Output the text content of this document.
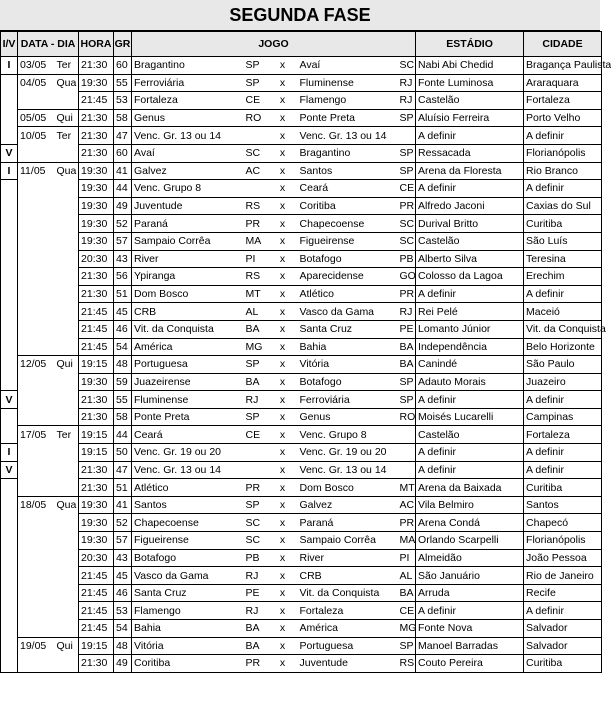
SEGUNDA FASE
I/V	DATA - DIA		HORA	GR	JOGO					ESTÁDIO	CIDADE
I	03/05	Ter	21:30	60	Bragantino	SP	x	Avaí	SC	Nabi Abi Chedid	Bragança Paulista
	04/05	Qua	19:30	55	Ferroviária	SP	x	Fluminense	RJ	Fonte Luminosa	Araraquara
			21:45	53	Fortaleza	CE	x	Flamengo	RJ	Castelão	Fortaleza
	05/05	Qui	21:30	58	Genus	RO	x	Ponte Preta	SP	Aluísio Ferreira	Porto Velho
	10/05	Ter	21:30	47	Venc. Gr. 13 ou 14		x	Venc. Gr. 13 ou 14		A definir	A definir
V			21:30	60	Avaí	SC	x	Bragantino	SP	Ressacada	Florianópolis
I	11/05	Qua	19:30	41	Galvez	AC	x	Santos	SP	Arena da Floresta	Rio Branco
			19:30	44	Venc. Grupo 8		x	Ceará	CE	A definir	A definir
			19:30	49	Juventude	RS	x	Coritiba	PR	Alfredo Jaconi	Caxias do Sul
			19:30	52	Paraná	PR	x	Chapecoense	SC	Durival Britto	Curitiba
			19:30	57	Sampaio Corrêa	MA	x	Figueirense	SC	Castelão	São Luís
			20:30	43	River	PI	x	Botafogo	PB	Alberto Silva	Teresina
			21:30	56	Ypiranga	RS	x	Aparecidense	GO	Colosso da Lagoa	Erechim
			21:30	51	Dom Bosco	MT	x	Atlético	PR	A definir	A definir
			21:45	45	CRB	AL	x	Vasco da Gama	RJ	Rei Pelé	Maceió
			21:45	46	Vit. da Conquista	BA	x	Santa Cruz	PE	Lomanto Júnior	Vit. da Conquista
			21:45	54	América	MG	x	Bahia	BA	Independência	Belo Horizonte
	12/05	Qui	19:15	48	Portuguesa	SP	x	Vitória	BA	Canindé	São Paulo
			19:30	59	Juazeirense	BA	x	Botafogo	SP	Adauto Morais	Juazeiro
V			21:30	55	Fluminense	RJ	x	Ferroviária	SP	A definir	A definir
			21:30	58	Ponte Preta	SP	x	Genus	RO	Moisés Lucarelli	Campinas
	17/05	Ter	19:15	44	Ceará	CE	x	Venc. Grupo 8		Castelão	Fortaleza
I			19:15	50	Venc. Gr. 19 ou 20		x	Venc. Gr. 19 ou 20		A definir	A definir
V			21:30	47	Venc. Gr. 13 ou 14		x	Venc. Gr. 13 ou 14		A definir	A definir
			21:30	51	Atlético	PR	x	Dom Bosco	MT	Arena da Baixada	Curitiba
	18/05	Qua	19:30	41	Santos	SP	x	Galvez	AC	Vila Belmiro	Santos
			19:30	52	Chapecoense	SC	x	Paraná	PR	Arena Condá	Chapecó
			19:30	57	Figueirense	SC	x	Sampaio Corrêa	MA	Orlando Scarpelli	Florianópolis
			20:30	43	Botafogo	PB	x	River	PI	Almeidão	João Pessoa
			21:45	45	Vasco da Gama	RJ	x	CRB	AL	São Januário	Rio de Janeiro
			21:45	46	Santa Cruz	PE	x	Vit. da Conquista	BA	Arruda	Recife
			21:45	53	Flamengo	RJ	x	Fortaleza	CE	A definir	A definir
			21:45	54	Bahia	BA	x	América	MG	Fonte Nova	Salvador
	19/05	Qui	19:15	48	Vitória	BA	x	Portuguesa	SP	Manoel Barradas	Salvador
			21:30	49	Coritiba	PR	x	Juventude	RS	Couto Pereira	Curitiba
